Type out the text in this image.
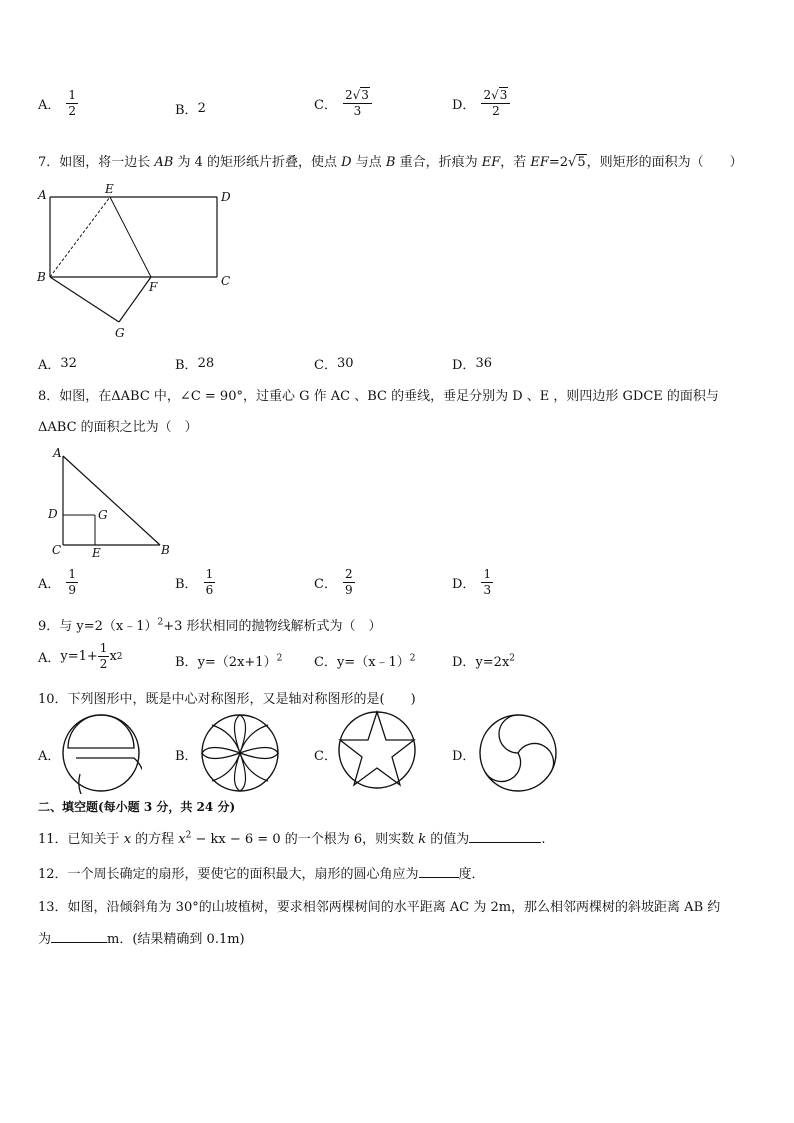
A． $\frac{1}{2}$	B． 2	C． $\frac{2√3}{3}$	D． $\frac{2√3}{2}$
7．如图，将一边长 AB 为 4 的矩形纸片折叠，使点 D 与点 B 重合，折痕为 EF，若 EF=2√5，则矩形的面积为（　　）
A	E
D
B
F	C
G
A． 32	B． 28	C． 30	D． 36
8．如图，在ΔABC 中，∠C = 90°，过重心 G 作 AC 、BC 的垂线，垂足分别为 D 、E ，则四边形 GDCE 的面积与
ΔABC 的面积之比为（　）
A
D	G
C	E	B
A． $\frac{1}{9}$	B． $\frac{1}{6}$	C． $\frac{2}{9}$	D． $\frac{1}{3}$
9．与 y=2（x﹣1）$^2$+3 形状相同的抛物线解析式为（　）
A． $y=1+ \frac{1}{2}$ x 2	B．$y=(2x+1)^2$ C．y=（x﹣1）$^2$	D．$y=2x^2$
10．下列图形中，既是中心对称图形，又是轴对称图形的是(　　)
A．	B．	C．	D．
二、填空题(每小题 3 分，共 24 分)
11．已知关于 x 的方程 $x^2$ − kx − 6 = 0 的一个根为 6，则实数 k 的值为	.
12．一个周长确定的扇形，要使它的面积最大，扇形的圆心角应为	度．
13．如图，沿倾斜角为 30°的山坡植树，要求相邻两棵树间的水平距离 AC 为 2m，那么相邻两棵树的斜坡距离 AB 约
为	m．(结果精确到 0.1m)
